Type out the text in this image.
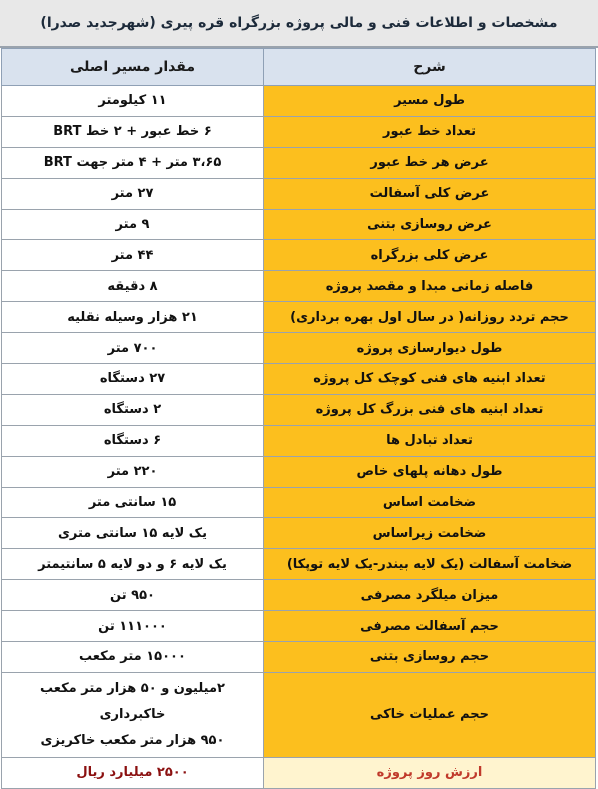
مشخصات و اطلاعات فنی و مالی پروژه بزرگراه قره پیری (شهرجدید صدرا)
شرح	مقدار مسیر اصلی
طول مسیر	۱۱ کیلومتر
تعداد خط عبور	۶ خط عبور + ۲ خط BRT
عرض هر خط عبور	۳،۶۵ متر + ۴ متر جهت BRT
عرض کلی آسفالت	۲۷ متر
عرض روسازی بتنی	۹ متر
عرض کلی بزرگراه	۴۴ متر
فاصله زمانی مبدا و مقصد پروژه	۸ دقیقه
حجم تردد روزانه( در سال اول بهره برداری)	۲۱ هزار وسیله نقلیه
طول دیوارسازی پروژه	۷۰۰ متر
تعداد ابنیه های فنی کوچک کل پروژه	۲۷ دستگاه
تعداد ابنیه های فنی بزرگ کل پروژه	۲ دستگاه
تعداد تبادل ها	۶ دستگاه
طول دهانه پلهای خاص	۲۲۰ متر
ضخامت اساس	۱۵ سانتی متر
ضخامت زیراساس	یک لایه ۱۵ سانتی متری
ضخامت آسفالت (یک لایه بیندر-یک لایه توپکا)	یک لایه ۶ و دو لایه ۵ سانتیمتر
میزان میلگرد مصرفی	۹۵۰ تن
حجم آسفالت مصرفی	۱۱۱۰۰۰ تن
حجم روسازی بتنی	۱۵۰۰۰ متر مکعب
حجم عملیات خاکی	۲میلیون و ۵۰ هزار متر مکعب
خاکبرداری
۹۵۰ هزار متر مکعب خاکریزی

ارزش روز پروژه	۲۵۰۰ میلیارد ریال
